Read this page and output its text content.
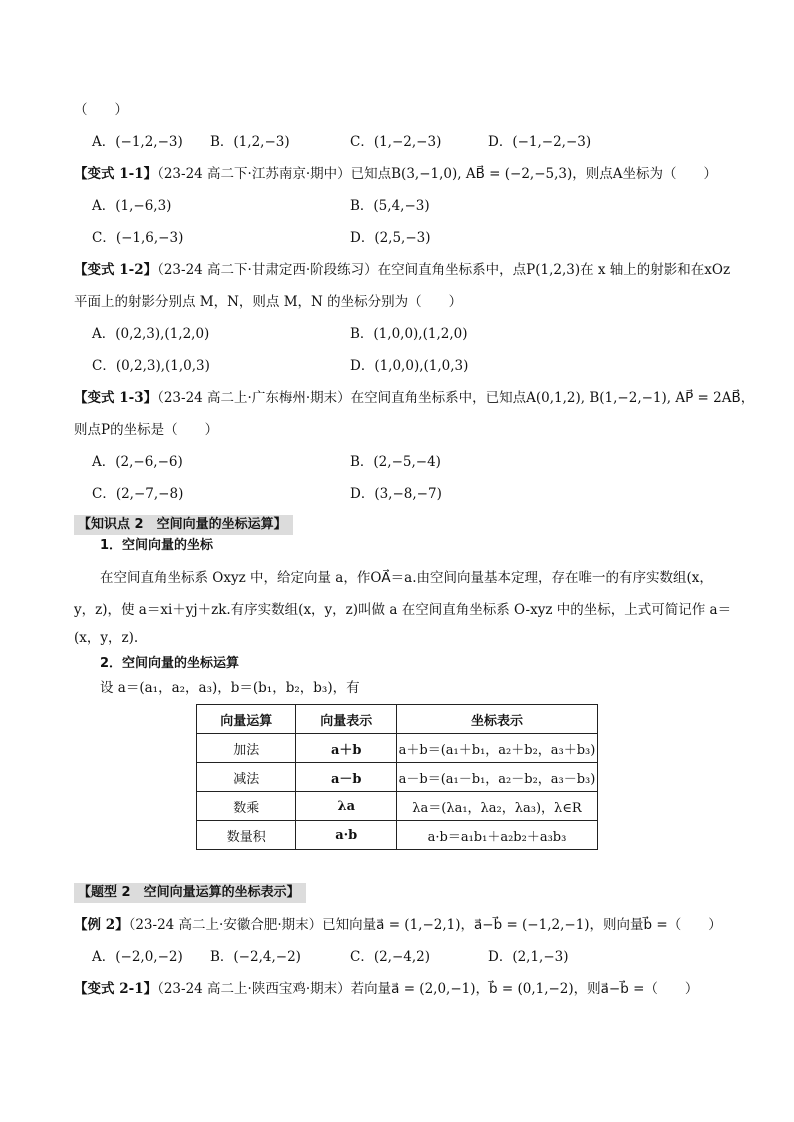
（　　）
A．(−1,2,−3) B．(1,2,−3)	C．(1,−2,−3)	D．(−1,−2,−3)
【变式 1-1】（23-24 高二下·江苏南京·期中）已知点B(3,−1,0), AB⃗ = (−2,−5,3)，则点A坐标为（　　）
A．(1,−6,3)	B．(5,4,−3)
C．(−1,6,−3)	D．(2,5,−3)
【变式 1-2】（23-24 高二下·甘肃定西·阶段练习）在空间直角坐标系中，点P(1,2,3)在 x 轴上的射影和在xOz
平面上的射影分别点 M，N，则点 M，N 的坐标分别为（　　）
A．(0,2,3),(1,2,0)	B．(1,0,0),(1,2,0)
C．(0,2,3),(1,0,3)	D．(1,0,0),(1,0,3)
【变式 1-3】（23-24 高二上·广东梅州·期末）在空间直角坐标系中，已知点A(0,1,2), B(1,−2,−1), AP⃗ = 2AB⃗，
则点P的坐标是（　　）
A．(2,−6,−6)	B．(2,−5,−4)
C．(2,−7,−8)	D．(3,−8,−7)
【知识点 2　空间向量的坐标运算】
1．空间向量的坐标
在空间直角坐标系 Oxyz 中，给定向量 a，作OA⃗＝a.由空间向量基本定理，存在唯一的有序实数组(x，
y，z)，使 a＝xi＋yj＋zk.有序实数组(x，y，z)叫做 a 在空间直角坐标系 O-xyz 中的坐标，上式可简记作 a＝
(x，y，z).
2．空间向量的坐标运算
设 a＝(a₁，a₂，a₃)，b＝(b₁，b₂，b₃)，有
向量运算	向量表示	坐标表示
加法	a＋b	a＋b＝(a₁＋b₁，a₂＋b₂，a₃＋b₃)
减法	a－b	a－b＝(a₁－b₁，a₂－b₂，a₃－b₃)
数乘	λa	λa＝(λa₁，λa₂，λa₃)，λ∈R
数量积	a·b	a·b＝a₁b₁＋a₂b₂＋a₃b₃
【题型 2　空间向量运算的坐标表示】
【例 2】（23-24 高二上·安徽合肥·期末）已知向量a⃗ = (1,−2,1)，a⃗−b⃗ = (−1,2,−1)，则向量b⃗ =（　　）
A．(−2,0,−2) B．(−2,4,−2)	C．(2,−4,2)	D．(2,1,−3)
【变式 2-1】（23-24 高二上·陕西宝鸡·期末）若向量a⃗ = (2,0,−1)，b⃗ = (0,1,−2)，则a⃗−b⃗ =（　　）
